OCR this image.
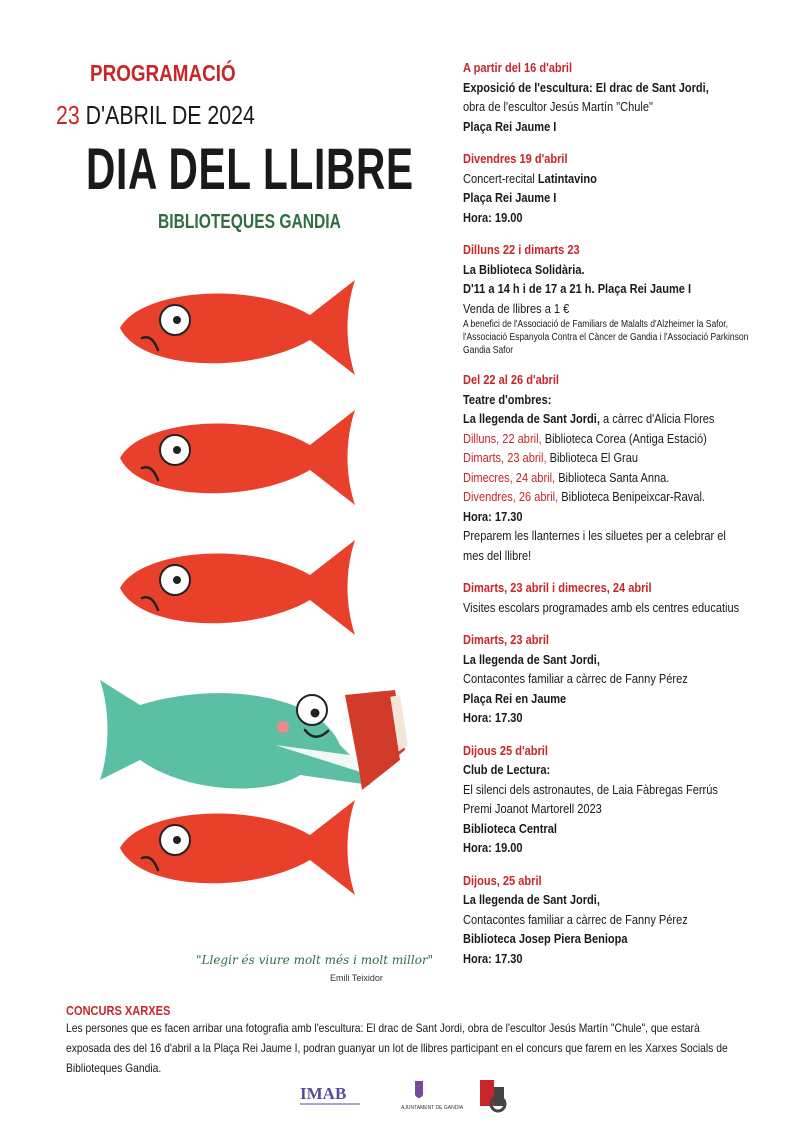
PROGRAMACIÓ
23 D'ABRIL DE 2024
DIA DEL LLIBRE
BIBLIOTEQUES GANDIA
"Llegir és viure molt més i molt millor"
Emili Teixidor
A partir del 16 d'abril
Exposició de l'escultura: El drac de Sant Jordi,
obra de l'escultor Jesús Martín "Chule"
Plaça Rei Jaume I
Divendres 19 d'abril
Concert-recital Latintavino
Plaça Rei Jaume I
Hora: 19.00
Dilluns 22 i dimarts 23
La Biblioteca Solidària.
D'11 a 14 h i de 17 a 21 h. Plaça Rei Jaume I
Venda de llibres a 1 €
A benefici de l'Associació de Familiars de Malalts d'Alzheimer la Safor,
l'Associació Espanyola Contra el Càncer de Gandia i l'Associació Parkinson
Gandia Safor
Del 22 al 26 d'abril
Teatre d'ombres:
La llegenda de Sant Jordi, a càrrec d'Alicia Flores
Dilluns, 22 abril, Biblioteca Corea (Antiga Estació)
Dimarts, 23 abril, Biblioteca El Grau
Dimecres, 24 abril, Biblioteca Santa Anna.
Divendres, 26 abril, Biblioteca Benipeixcar-Raval.
Hora: 17.30
Preparem les llanternes i les siluetes per a celebrar el
mes del llibre!
Dimarts, 23 abril i dimecres, 24 abril
Visites escolars programades amb els centres educatius
Dimarts, 23 abril
La llegenda de Sant Jordi,
Contacontes familiar a càrrec de Fanny Pérez
Plaça Rei en Jaume
Hora: 17.30
Dijous 25 d'abril
Club de Lectura:
El silenci dels astronautes, de Laia Fàbregas Ferrús
Premi Joanot Martorell 2023
Biblioteca Central
Hora: 19.00
Dijous, 25 abril
La llegenda de Sant Jordi,
Contacontes familiar a càrrec de Fanny Pérez
Biblioteca Josep Piera Beniopa
Hora: 17.30
CONCURS XARXES
Les persones que es facen arribar una fotografia amb l'escultura: El drac de Sant Jordi, obra de l'escultor Jesús Martín "Chule", que estarà exposada des del 16 d'abril a la Plaça Rei Jaume I, podran guanyar un lot de llibres participant en el concurs que farem en les Xarxes Socials de Biblioteques Gandia.
IMAB
AJUNTAMENT DE GANDIA
